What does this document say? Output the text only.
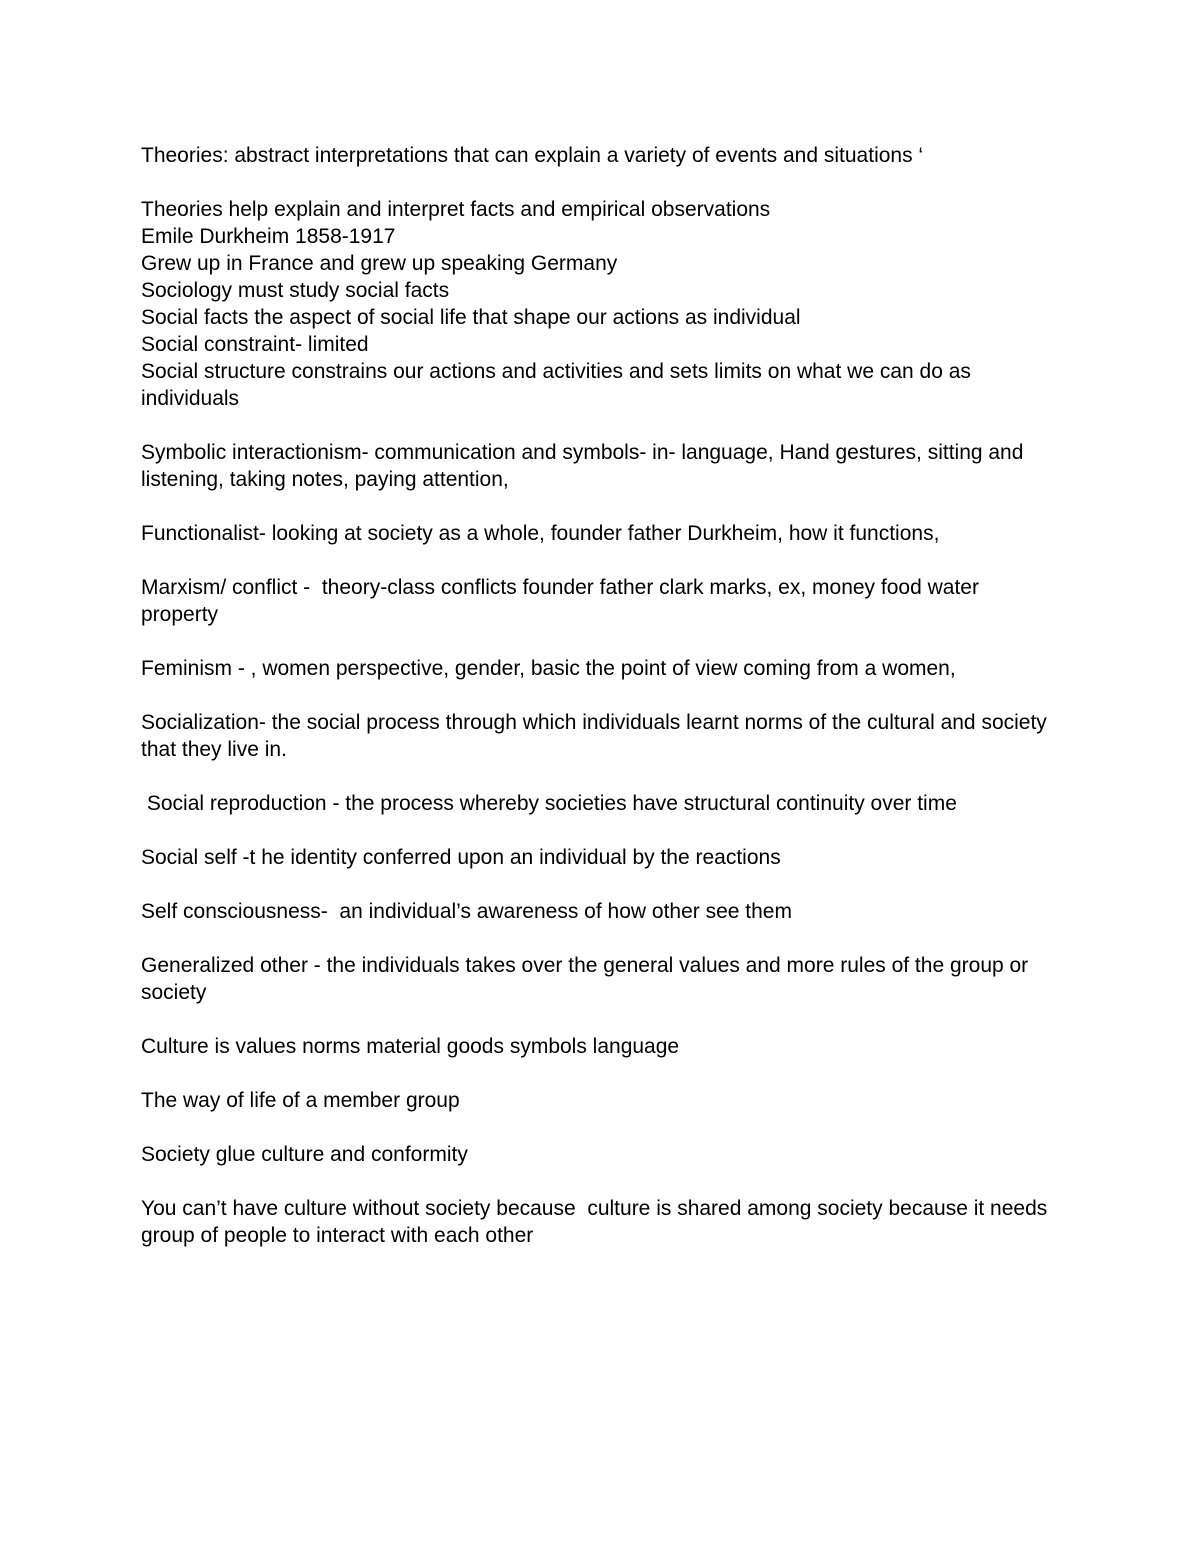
Theories: abstract interpretations that can explain a variety of events and situations ‘

Theories help explain and interpret facts and empirical observations

Emile Durkheim 1858-1917

Grew up in France and grew up speaking Germany

Sociology must study social facts

Social facts the aspect of social life that shape our actions as individual

Social constraint- limited

Social structure constrains our actions and activities and sets limits on what we can do as individuals

Symbolic interactionism- communication and symbols- in- language, Hand gestures, sitting and listening, taking notes, paying attention,

Functionalist- looking at society as a whole, founder father Durkheim, how it functions,

Marxism/ conflict -  theory-class conflicts founder father clark marks, ex, money food water property

Feminism - , women perspective, gender, basic the point of view coming from a women,

Socialization- the social process through which individuals learnt norms of the cultural and society that they live in.

Social reproduction - the process whereby societies have structural continuity over time

Social self -t he identity conferred upon an individual by the reactions

Self consciousness-  an individual’s awareness of how other see them

Generalized other - the individuals takes over the general values and more rules of the group or society

Culture is values norms material goods symbols language

The way of life of a member group

Society glue culture and conformity

You can’t have culture without society because  culture is shared among society because it needs group of people to interact with each other
